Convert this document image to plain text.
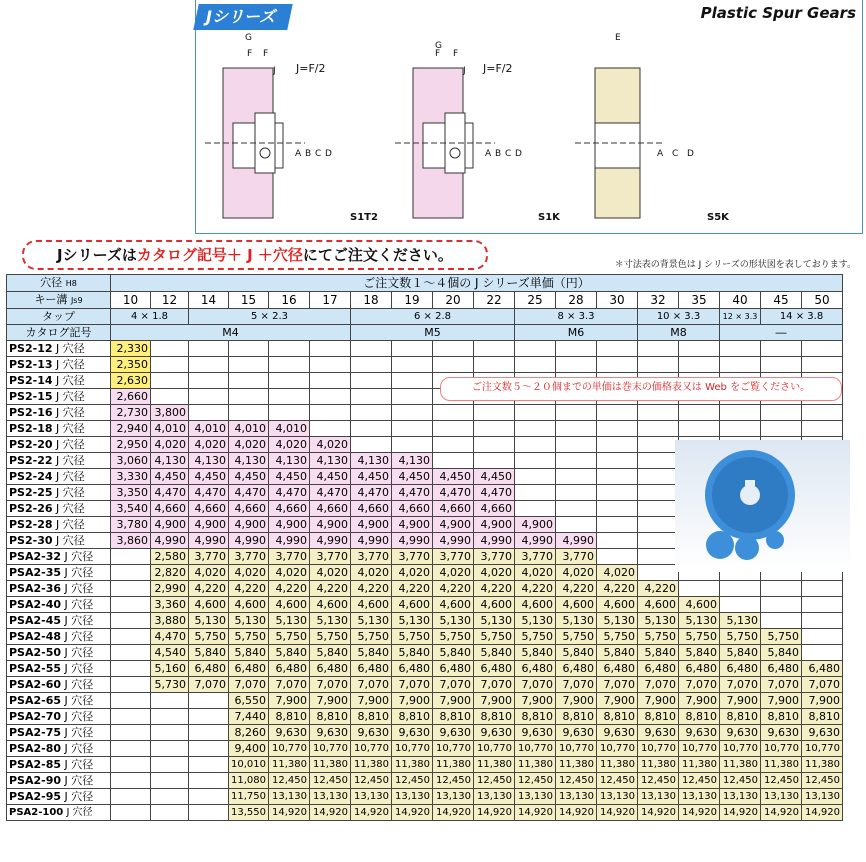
Jシリーズ	Plastic Spur Gears
G
G
E
F F	F F
J	J
A B C D	A B C D	A C D
J=F/2	J=F/2
S1T2	S1K	S5K
Jシリーズはカタログ記号＋ J ＋穴径にてご注文ください。
＊寸法表の背景色は J シリーズの形状図を表しております。
穴径 H8	ご注文数１～４個の J シリーズ単価（円）																	
キー溝 Js9	10	12	14	15	16	17	18	19	20	22	25	28	30	32	35	40	45	50
タップ	4 × 1.8		5 × 2.3				6 × 2.8				8 × 3.3			10 × 3.3		12 × 3.3	14 × 3.8	
カタログ記号	M4						M5				M6			M8		―		
PS2-12 J 穴径	2,330																	
PS2-13 J 穴径	2,350																	
PS2-14 J 穴径	2,630																	
PS2-15 J 穴径	2,660																	
PS2-16 J 穴径	2,730	3,800																
PS2-18 J 穴径	2,940	4,010	4,010	4,010	4,010													
PS2-20 J 穴径	2,950	4,020	4,020	4,020	4,020	4,020												
PS2-22 J 穴径	3,060	4,130	4,130	4,130	4,130	4,130	4,130	4,130										
PS2-24 J 穴径	3,330	4,450	4,450	4,450	4,450	4,450	4,450	4,450	4,450	4,450								
PS2-25 J 穴径	3,350	4,470	4,470	4,470	4,470	4,470	4,470	4,470	4,470	4,470								
PS2-26 J 穴径	3,540	4,660	4,660	4,660	4,660	4,660	4,660	4,660	4,660	4,660								
PS2-28 J 穴径	3,780	4,900	4,900	4,900	4,900	4,900	4,900	4,900	4,900	4,900	4,900							
PS2-30 J 穴径	3,860	4,990	4,990	4,990	4,990	4,990	4,990	4,990	4,990	4,990	4,990	4,990						
PSA2-32 J 穴径		2,580	3,770	3,770	3,770	3,770	3,770	3,770	3,770	3,770	3,770	3,770						
PSA2-35 J 穴径		2,820	4,020	4,020	4,020	4,020	4,020	4,020	4,020	4,020	4,020	4,020	4,020					
PSA2-36 J 穴径		2,990	4,220	4,220	4,220	4,220	4,220	4,220	4,220	4,220	4,220	4,220	4,220	4,220				
PSA2-40 J 穴径		3,360	4,600	4,600	4,600	4,600	4,600	4,600	4,600	4,600	4,600	4,600	4,600	4,600	4,600			
PSA2-45 J 穴径		3,880	5,130	5,130	5,130	5,130	5,130	5,130	5,130	5,130	5,130	5,130	5,130	5,130	5,130	5,130		
PSA2-48 J 穴径		4,470	5,750	5,750	5,750	5,750	5,750	5,750	5,750	5,750	5,750	5,750	5,750	5,750	5,750	5,750	5,750	
PSA2-50 J 穴径		4,540	5,840	5,840	5,840	5,840	5,840	5,840	5,840	5,840	5,840	5,840	5,840	5,840	5,840	5,840	5,840	
PSA2-55 J 穴径		5,160	6,480	6,480	6,480	6,480	6,480	6,480	6,480	6,480	6,480	6,480	6,480	6,480	6,480	6,480	6,480	6,480
PSA2-60 J 穴径		5,730	7,070	7,070	7,070	7,070	7,070	7,070	7,070	7,070	7,070	7,070	7,070	7,070	7,070	7,070	7,070	7,070
PSA2-65 J 穴径				6,550	7,900	7,900	7,900	7,900	7,900	7,900	7,900	7,900	7,900	7,900	7,900	7,900	7,900	7,900
PSA2-70 J 穴径				7,440	8,810	8,810	8,810	8,810	8,810	8,810	8,810	8,810	8,810	8,810	8,810	8,810	8,810	8,810
PSA2-75 J 穴径				8,260	9,630	9,630	9,630	9,630	9,630	9,630	9,630	9,630	9,630	9,630	9,630	9,630	9,630	9,630
PSA2-80 J 穴径				9,400	10,770	10,770	10,770	10,770	10,770	10,770	10,770	10,770	10,770	10,770	10,770	10,770	10,770	10,770
PSA2-85 J 穴径				10,010	11,380	11,380	11,380	11,380	11,380	11,380	11,380	11,380	11,380	11,380	11,380	11,380	11,380	11,380
PSA2-90 J 穴径				11,080	12,450	12,450	12,450	12,450	12,450	12,450	12,450	12,450	12,450	12,450	12,450	12,450	12,450	12,450
PSA2-95 J 穴径				11,750	13,130	13,130	13,130	13,130	13,130	13,130	13,130	13,130	13,130	13,130	13,130	13,130	13,130	13,130
PSA2-100 J 穴径				13,550	14,920	14,920	14,920	14,920	14,920	14,920	14,920	14,920	14,920	14,920	14,920	14,920	14,920	14,920
ご注文数５～２０個までの単価は巻末の価格表又は Web をご覧ください。
